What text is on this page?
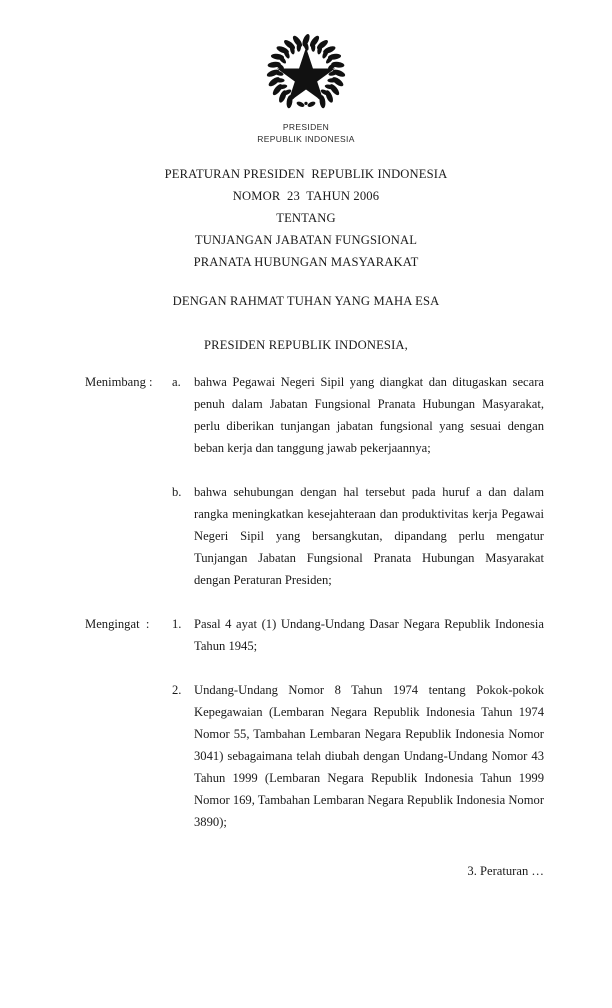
PRESIDEN
REPUBLIK INDONESIA
PERATURAN PRESIDEN  REPUBLIK INDONESIA
NOMOR  23  TAHUN 2006
TENTANG
TUNJANGAN JABATAN FUNGSIONAL
PRANATA HUBUNGAN MASYARAKAT
DENGAN RAHMAT TUHAN YANG MAHA ESA
PRESIDEN REPUBLIK INDONESIA,
Menimbang :	a.	bahwa Pegawai Negeri Sipil yang diangkat dan ditugaskan secara penuh dalam Jabatan Fungsional Pranata Hubungan Masyarakat, perlu diberikan tunjangan jabatan fungsional yang sesuai dengan beban kerja dan tanggung jawab pekerjaannya;
b. bahwa sehubungan dengan hal tersebut pada huruf a dan dalam rangka meningkatkan kesejahteraan dan produktivitas kerja Pegawai Negeri Sipil yang bersangkutan, dipandang perlu mengatur Tunjangan Jabatan Fungsional Pranata Hubungan Masyarakat dengan Peraturan Presiden;
Mengingat  :	1. Pasal 4 ayat (1) Undang-Undang Dasar Negara Republik Indonesia Tahun 1945;
2. Undang-Undang Nomor 8 Tahun 1974 tentang Pokok-pokok Kepegawaian (Lembaran Negara Republik Indonesia Tahun 1974 Nomor 55, Tambahan Lembaran Negara Republik Indonesia Nomor 3041) sebagaimana telah diubah dengan Undang-Undang Nomor 43 Tahun 1999 (Lembaran Negara Republik Indonesia Tahun 1999 Nomor 169, Tambahan Lembaran Negara Republik Indonesia Nomor 3890);
3. Peraturan …
